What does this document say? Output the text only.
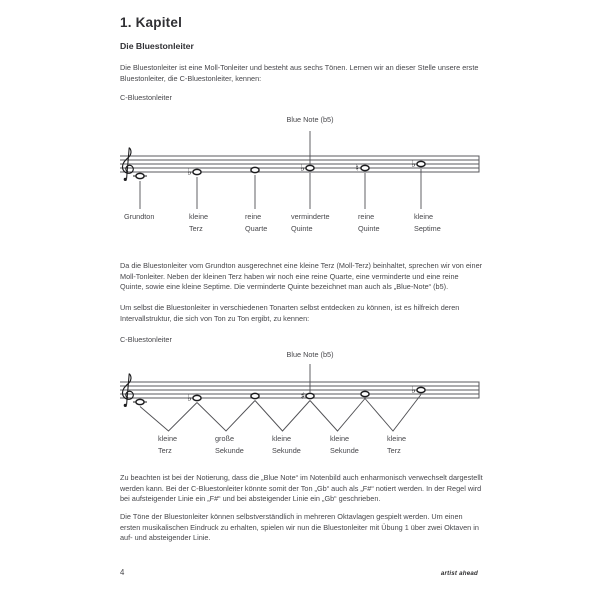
1. Kapitel
Die Bluestonleiter
Die Bluestonleiter ist eine Moll-Tonleiter und besteht aus sechs Tönen. Lernen wir an dieser Stelle unsere erste Bluestonleiter, die C-Bluestonleiter, kennen:
C-Bluestonleiter
Blue Note (b5)
♭	♭	♮	♭
Grundton	kleine
Terz
reine
Quarte
verminderte
Quinte
reine
Quinte
kleine
Septime
Da die Bluestonleiter vom Grundton ausgerechnet eine kleine Terz (Moll-Terz) beinhaltet, sprechen wir von einer Moll-Tonleiter. Neben der kleinen Terz haben wir noch eine reine Quarte, eine verminderte und eine reine Quinte, sowie eine kleine Septime. Die verminderte Quinte bezeichnet man auch als „Blue-Note“ (b5).
Um selbst die Bluestonleiter in verschiedenen Tonarten selbst entdecken zu können, ist es hilfreich deren Intervallstruktur, die sich von Ton zu Ton ergibt, zu kennen:
C-Bluestonleiter
Blue Note (b5)
♭	♯
♭
kleine
Terz
große
Sekunde
kleine
Sekunde
kleine
Sekunde
kleine
Terz
Zu beachten ist bei der Notierung, dass die „Blue Note“ im Notenbild auch enharmonisch verwechselt dargestellt werden kann. Bei der C-Bluestonleiter könnte somit der Ton „Gb“ auch als „F#“ notiert werden. In der Regel wird bei aufsteigender Linie ein „F#“ und bei absteigender Linie ein „Gb“ geschrieben.
Die Töne der Bluestonleiter können selbstverständlich in mehreren Oktavlagen gespielt werden. Um einen ersten musikalischen Eindruck zu erhalten, spielen wir nun die Bluestonleiter mit Übung 1 über zwei Oktaven in auf- und absteigender Linie.
4	artist ahead
